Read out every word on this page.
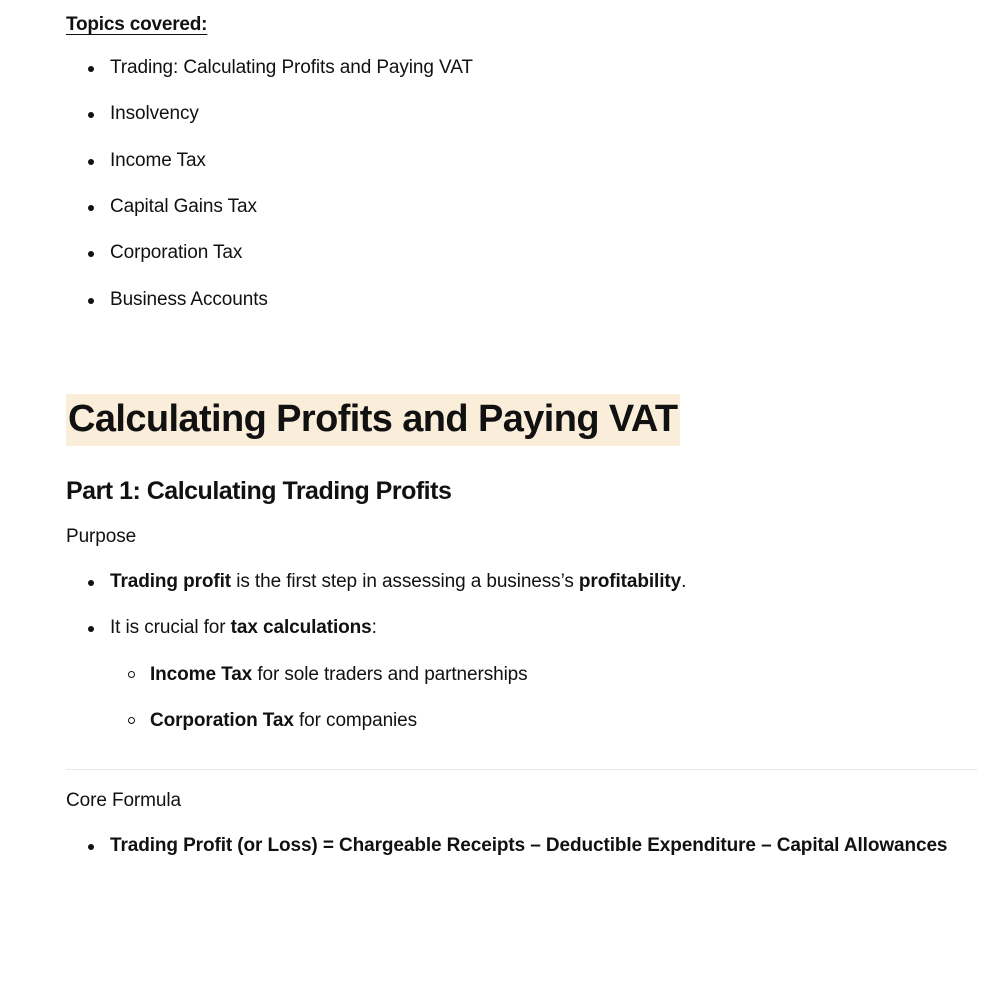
Topics covered:
Trading: Calculating Profits and Paying VAT
Insolvency
Income Tax
Capital Gains Tax
Corporation Tax
Business Accounts
Calculating Profits and Paying VAT
Part 1: Calculating Trading Profits
Purpose
Trading profit is the first step in assessing a business’s profitability.
It is crucial for tax calculations:
Income Tax for sole traders and partnerships
Corporation Tax for companies
Core Formula
Trading Profit (or Loss) = Chargeable Receipts – Deductible Expenditure – Capital Allowances
